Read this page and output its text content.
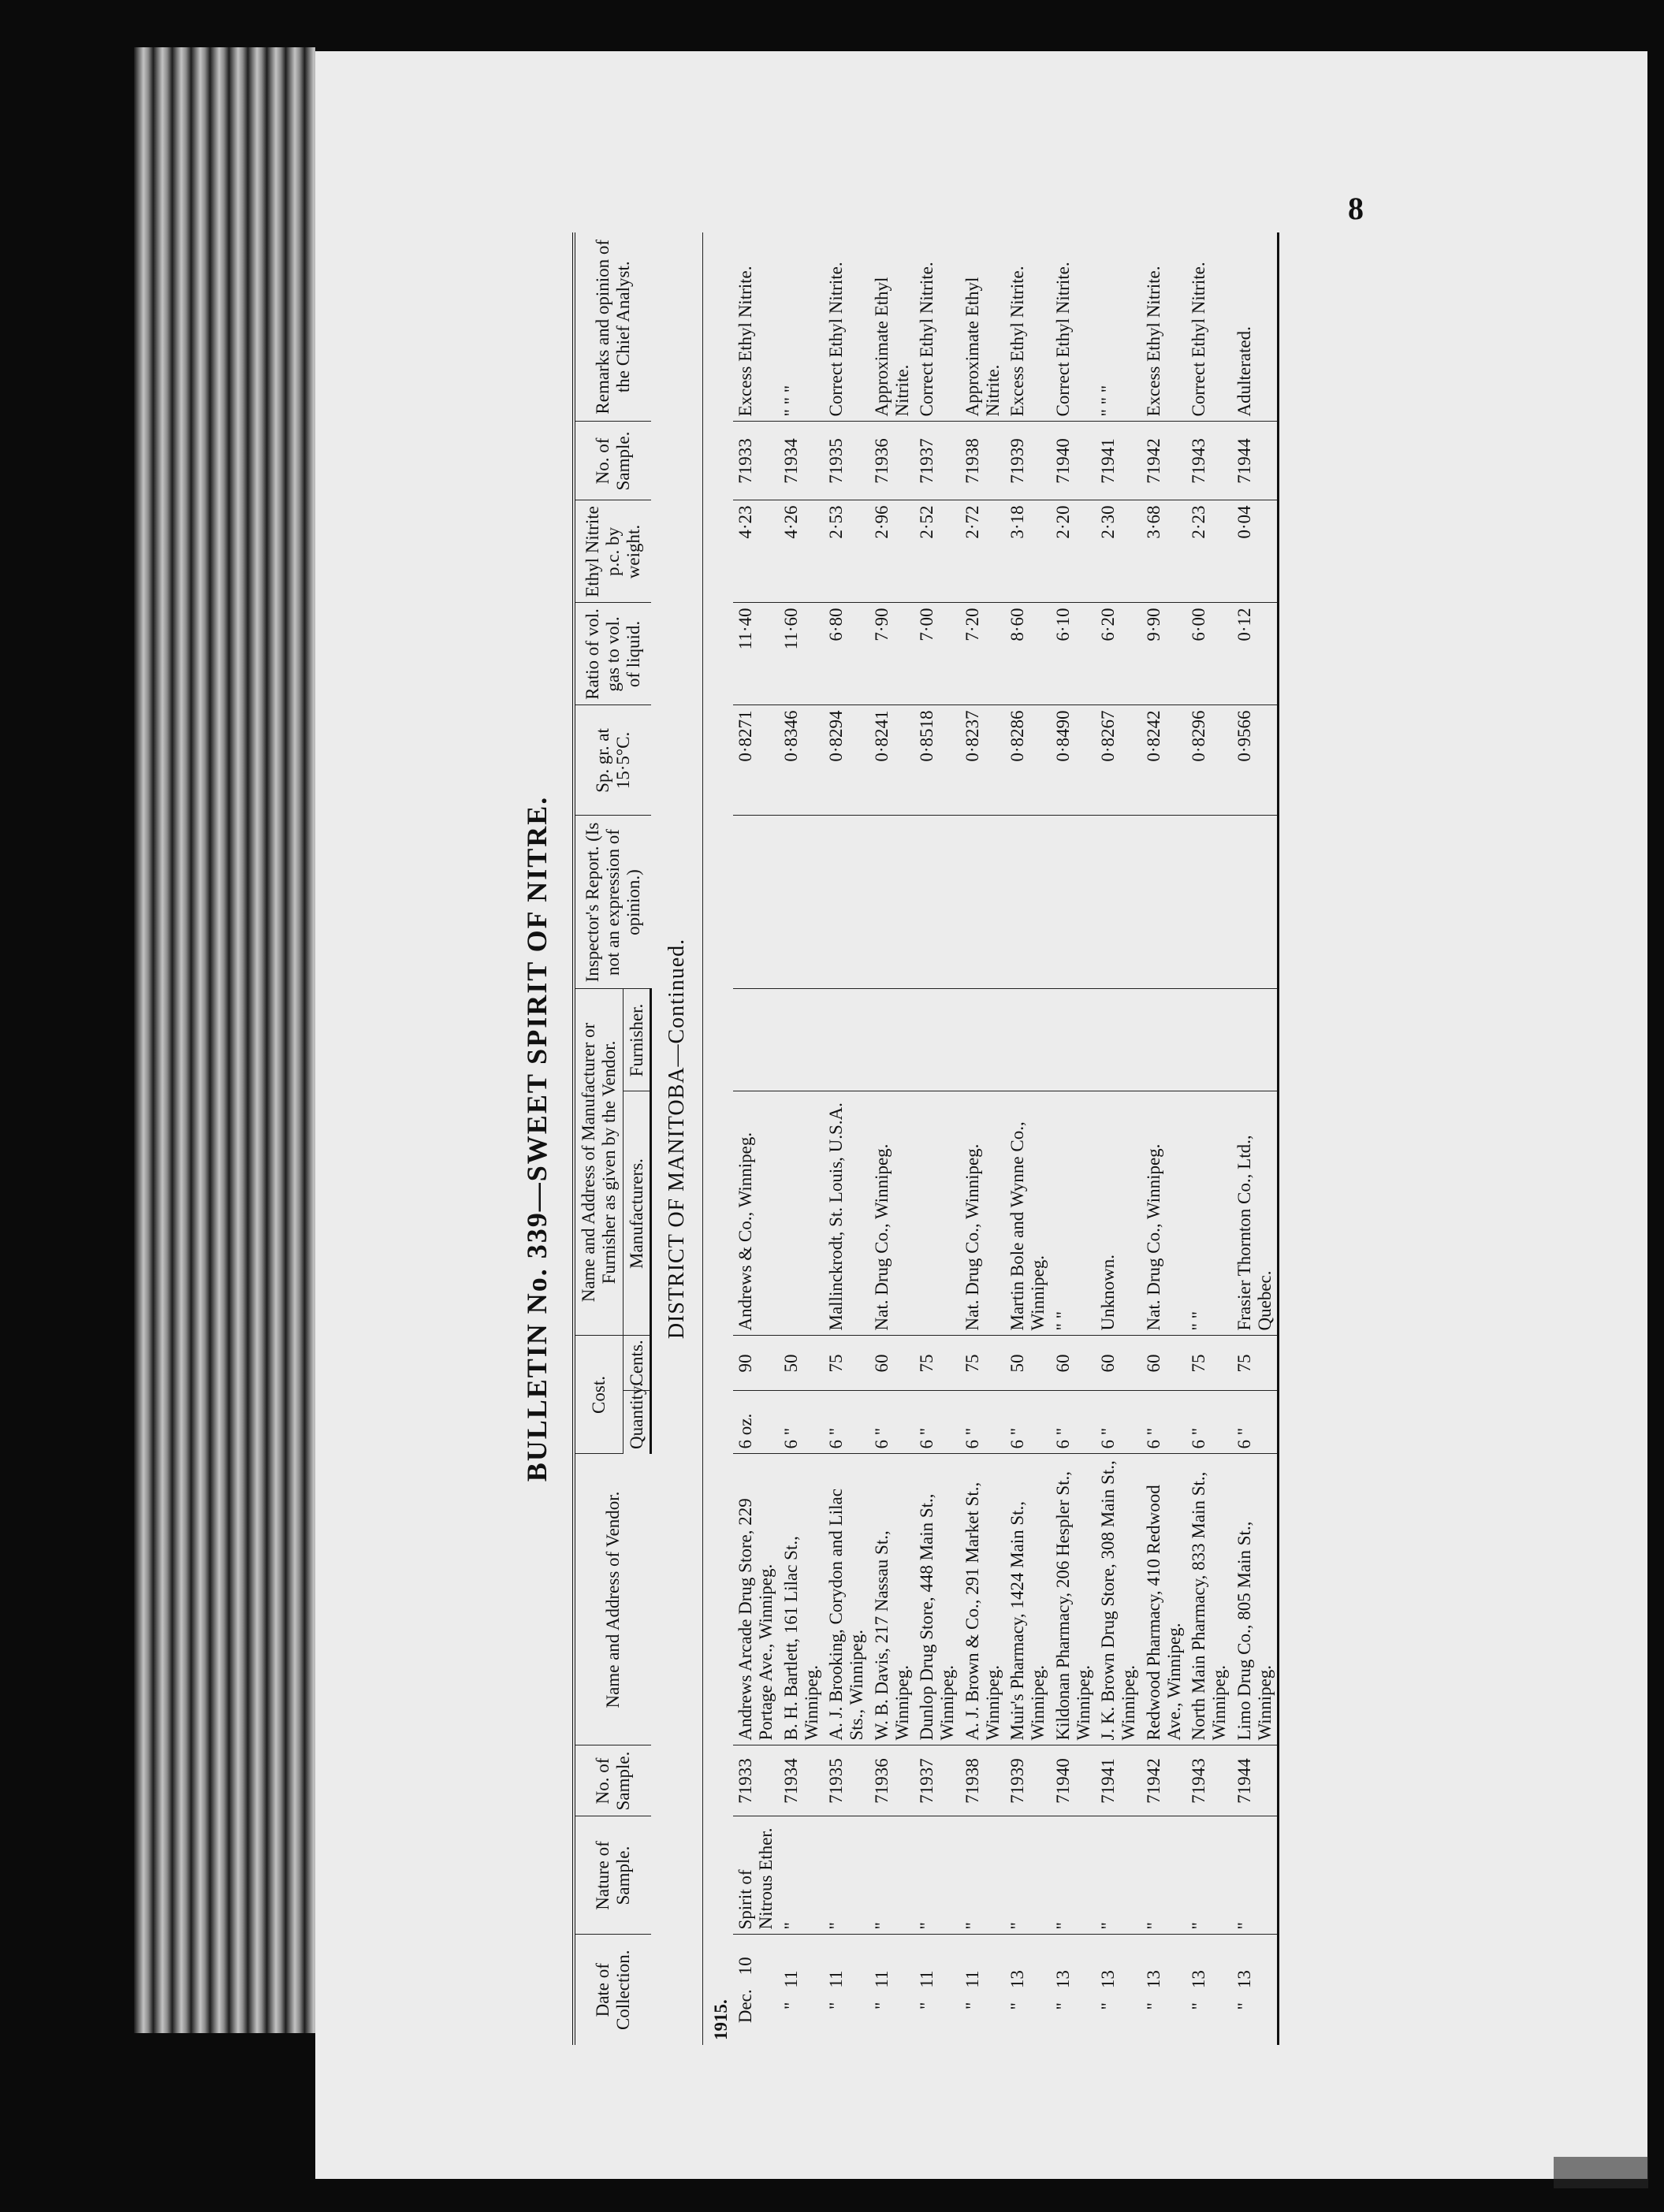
8
BULLETIN No. 339—SWEET SPIRIT OF NITRE.
Date of Collection.	Nature of Sample.	No. of Sample.	Name and Address of Vendor.	Cost.		Name and Address of Manufacturer or Furnisher as given by the Vendor.		Inspector's Report. (Is not an expression of opinion.)	Sp. gr. at 15·5°C.	Ratio of vol. gas to vol. of liquid.	Ethyl Nitrite p.c. by weight.	No. of Sample.	Remarks and opinion of the Chief Analyst.
				Quantity.	Cents.	Manufacturers.	Furnisher.						
DISTRICT OF MANITOBA—Continued.													
1915.													
Dec.10	Spirit of Nitrous Ether.	71933	Andrews Arcade Drug Store, 229 Portage Ave., Winnipeg.	6 oz.	90	Andrews & Co., Winnipeg.			0·8271	11·40	4·23	71933	Excess Ethyl Nitrite.
"11	"	71934	B. H. Bartlett, 161 Lilac St., Winnipeg.	6 "	50				0·8346	11·60	4·26	71934	" " "
"11	"	71935	A. J. Brooking, Corydon and Lilac Sts., Winnipeg.	6 "	75	Mallinckrodt, St. Louis, U.S.A.			0·8294	6·80	2·53	71935	Correct Ethyl Nitrite.
"11	"	71936	W. B. Davis, 217 Nassau St., Winnipeg.	6 "	60	Nat. Drug Co., Winnipeg.			0·8241	7·90	2·96	71936	Approximate Ethyl Nitrite.
"11	"	71937	Dunlop Drug Store, 448 Main St., Winnipeg.	6 "	75				0·8518	7·00	2·52	71937	Correct Ethyl Nitrite.
"11	"	71938	A. J. Brown & Co., 291 Market St., Winnipeg.	6 "	75	Nat. Drug Co., Winnipeg.			0·8237	7·20	2·72	71938	Approximate Ethyl Nitrite.
"13	"	71939	Muir's Pharmacy, 1424 Main St., Winnipeg.	6 "	50	Martin Bole and Wynne Co., Winnipeg.			0·8286	8·60	3·18	71939	Excess Ethyl Nitrite.
"13	"	71940	Kildonan Pharmacy, 206 Hespler St., Winnipeg.	6 "	60	" "			0·8490	6·10	2·20	71940	Correct Ethyl Nitrite.
"13	"	71941	J. K. Brown Drug Store, 308 Main St., Winnipeg.	6 "	60	Unknown.			0·8267	6·20	2·30	71941	" " "
"13	"	71942	Redwood Pharmacy, 410 Redwood Ave., Winnipeg.	6 "	60	Nat. Drug Co., Winnipeg.			0·8242	9·90	3·68	71942	Excess Ethyl Nitrite.
"13	"	71943	North Main Pharmacy, 833 Main St., Winnipeg.	6 "	75	" "			0·8296	6·00	2·23	71943	Correct Ethyl Nitrite.
"13	"	71944	Limo Drug Co., 805 Main St., Winnipeg.	6 "	75	Frasier Thornton Co., Ltd., Quebec.			0·9566	0·12	0·04	71944	Adulterated.
